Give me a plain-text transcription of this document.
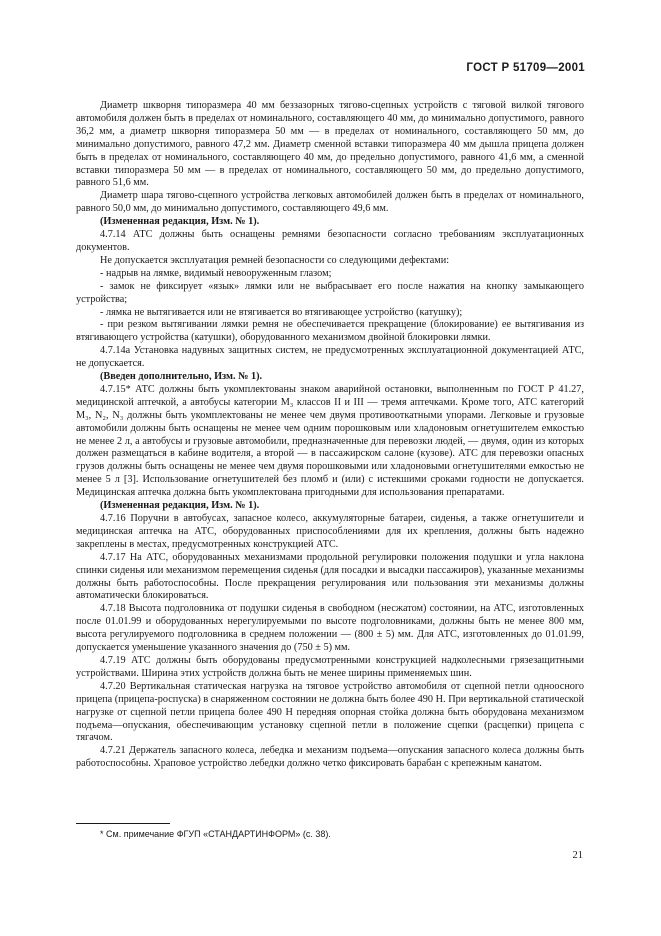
ГОСТ Р 51709—2001

Диаметр шкворня типоразмера 40 мм беззазорных тягово-сцепных устройств с тяговой вилкой тягового автомобиля должен быть в пределах от номинального, составляющего 40 мм, до минимально допустимого, равного 36,2 мм, а диаметр шкворня типоразмера 50 мм — в пределах от номинального, составляющего 50 мм, до минимально допустимого, равного 47,2 мм. Диаметр сменной вставки типоразмера 40 мм дышла прицепа должен быть в пределах от номинального, составляющего 40 мм, до предельно допустимого, равного 41,6 мм, а сменной вставки типоразмера 50 мм — в пределах от номинального, составляющего 50 мм, до предельно допустимого, равного 51,6 мм.

Диаметр шара тягово-сцепного устройства легковых автомобилей должен быть в пределах от номинального, равного 50,0 мм, до минимально допустимого, составляющего 49,6 мм.

(Измененная редакция, Изм. № 1).

4.7.14 АТС должны быть оснащены ремнями безопасности согласно требованиям эксплуатационных документов.

Не допускается эксплуатация ремней безопасности со следующими дефектами:

- надрыв на лямке, видимый невооруженным глазом;

- замок не фиксирует «язык» лямки или не выбрасывает его после нажатия на кнопку замыкающего устройства;

- лямка не вытягивается или не втягивается во втягивающее устройство (катушку);

- при резком вытягивании лямки ремня не обеспечивается прекращение (блокирование) ее вытягивания из втягивающего устройства (катушки), оборудованного механизмом двойной блокировки лямки.

4.7.14а Установка надувных защитных систем, не предусмотренных эксплуатационной документацией АТС, не допускается.

(Введен дополнительно, Изм. № 1).

4.7.15* АТС должны быть укомплектованы знаком аварийной остановки, выполненным по ГОСТ Р 41.27, медицинской аптечкой, а автобусы категории М₃ классов II и III — тремя аптечками. Кроме того, АТС категорий М₃, N₂, N₃ должны быть укомплектованы не менее чем двумя противооткатными упорами. Легковые и грузовые автомобили должны быть оснащены не менее чем одним порошковым или хладоновым огнетушителем емкостью не менее 2 л, а автобусы и грузовые автомобили, предназначенные для перевозки людей, — двумя, один из которых должен размещаться в кабине водителя, а второй — в пассажирском салоне (кузове). АТС для перевозки опасных грузов должны быть оснащены не менее чем двумя порошковыми или хладоновыми огнетушителями емкостью не менее 5 л [3]. Использование огнетушителей без пломб и (или) с истекшими сроками годности не допускается. Медицинская аптечка должна быть укомплектована пригодными для использования препаратами.

(Измененная редакция, Изм. № 1).

4.7.16 Поручни в автобусах, запасное колесо, аккумуляторные батареи, сиденья, а также огнетушители и медицинская аптечка на АТС, оборудованных приспособлениями для их крепления, должны быть надежно закреплены в местах, предусмотренных конструкцией АТС.

4.7.17 На АТС, оборудованных механизмами продольной регулировки положения подушки и угла наклона спинки сиденья или механизмом перемещения сиденья (для посадки и высадки пассажиров), указанные механизмы должны быть работоспособны. После прекращения регулирования или пользования эти механизмы должны автоматически блокироваться.

4.7.18 Высота подголовника от подушки сиденья в свободном (несжатом) состоянии, на АТС, изготовленных после 01.01.99 и оборудованных нерегулируемыми по высоте подголовниками, должны быть не менее 800 мм, высота регулируемого подголовника в среднем положении — (800 ± 5) мм. Для АТС, изготовленных до 01.01.99, допускается уменьшение указанного значения до (750 ± 5) мм.

4.7.19 АТС должны быть оборудованы предусмотренными конструкцией надколесными грязезащитными устройствами. Ширина этих устройств должна быть не менее ширины применяемых шин.

4.7.20 Вертикальная статическая нагрузка на тяговое устройство автомобиля от сцепной петли одноосного прицепа (прицепа-роспуска) в снаряженном состоянии не должна быть более 490 Н. При вертикальной статической нагрузке от сцепной петли прицепа более 490 Н передняя опорная стойка должна быть оборудована механизмом подъема—опускания, обеспечивающим установку сцепной петли в положение сцепки (расцепки) прицепа с тягачом.

4.7.21 Держатель запасного колеса, лебедка и механизм подъема—опускания запасного колеса должны быть работоспособны. Храповое устройство лебедки должно четко фиксировать барабан с крепежным канатом.

* См. примечание ФГУП «СТАНДАРТИНФОРМ» (с. 38).
21
